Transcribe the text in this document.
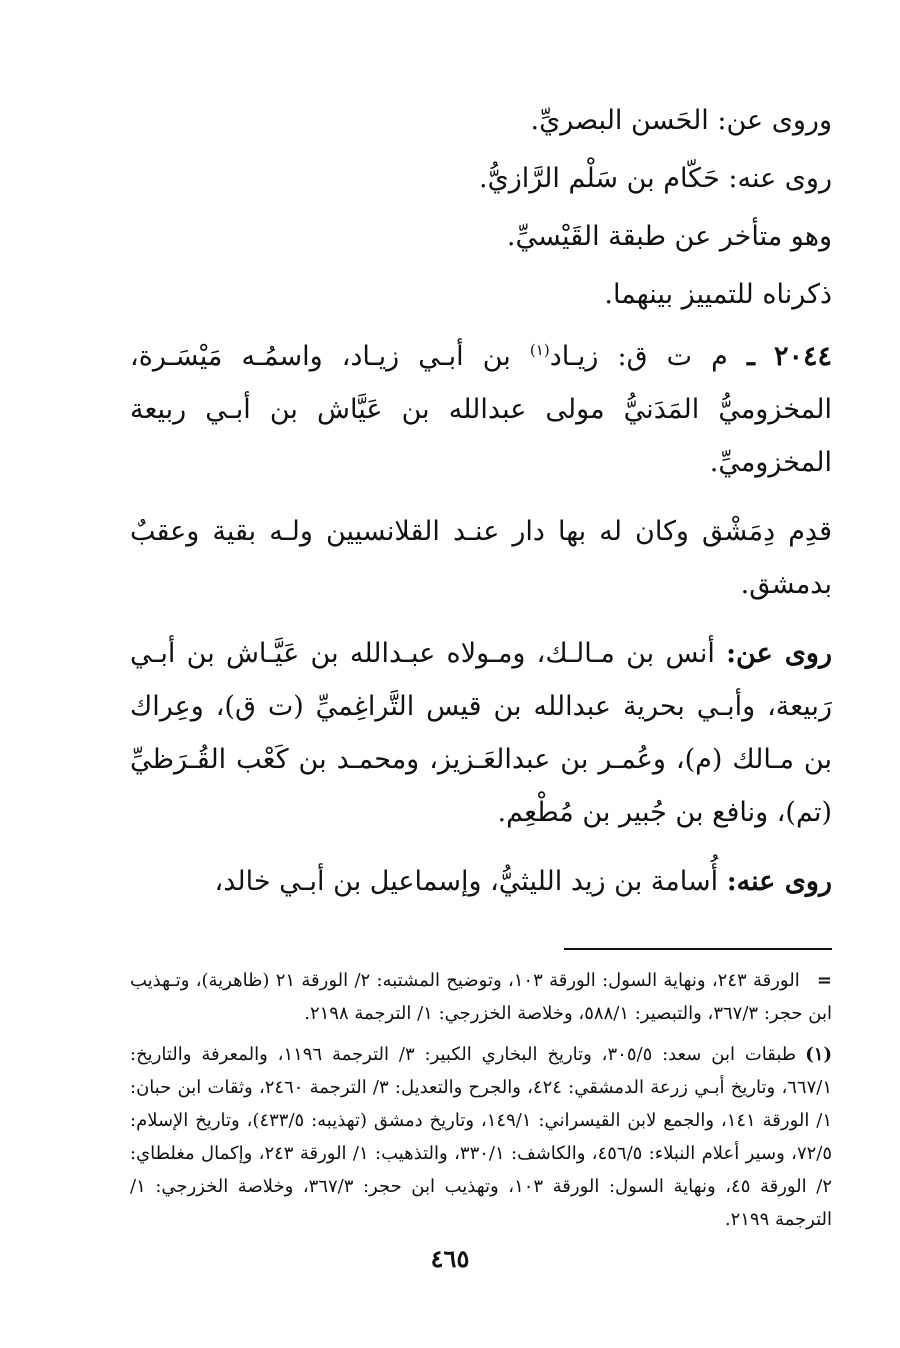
وروى عن: الحَسن البصريِّ.
روى عنه: حَكّام بن سَلْم الرَّازيُّ.
وهو متأخر عن طبقة القَيْسيِّ.
ذكرناه للتمييز بينهما.

٢٠٤٤ ـ م ت ق: زيـاد$^{(١)}$ بن أبـي زيـاد، واسمُـه مَيْسَـرة، المخزوميُّ المَدَنيُّ مولى عبدالله بن عَيَّاش بن أبـي ربيعة المخزوميِّ.

قدِم دِمَشْق وكان له بها دار عنـد القلانسيين ولـه بقية وعقبٌ بدمشق.

روى عن: أنس بن مـالـك، ومـولاه عبـدالله بن عَيَّـاش بن أبـي رَبيعة، وأبـي بحرية عبدالله بن قيس التَّراغِميِّ (ت ق)، وعِراك بن مـالك (م)، وعُمـر بن عبدالعَـزيز، ومحمـد بن كَعْب القُـرَظيِّ (تم)، ونافع بن جُبير بن مُطْعِم.

روى عنه: أُسامة بن زيد الليثيُّ، وإسماعيل بن أبـي خالد،

= الورقة ٢٤٣، ونهاية السول: الورقة ١٠٣، وتوضيح المشتبه: ٢/ الورقة ٢١ (ظاهرية)، وتـهذيب ابن حجر: ٣٦٧/٣، والتبصير: ٥٨٨/١، وخلاصة الخزرجي: ١/ الترجمة ٢١٩٨.

(١) طبقات ابن سعد: ٣٠٥/٥، وتاريخ البخاري الكبير: ٣/ الترجمة ١١٩٦، والمعرفة والتاريخ: ٦٦٧/١، وتاريخ أبـي زرعة الدمشقي: ٤٢٤، والجرح والتعديل: ٣/ الترجمة ٢٤٦٠، وثقات ابن حبان: ١/ الورقة ١٤١، والجمع لابن القيسراني: ١٤٩/١، وتاريخ دمشق (تهذيبه: ٤٣٣/٥)، وتاريخ الإسلام: ٧٢/٥، وسير أعلام النبلاء: ٤٥٦/٥، والكاشف: ٣٣٠/١، والتذهيب: ١/ الورقة ٢٤٣، وإكمال مغلطاي: ٢/ الورقة ٤٥، ونهاية السول: الورقة ١٠٣، وتهذيب ابن حجر: ٣٦٧/٣، وخلاصة الخزرجي: ١/ الترجمة ٢١٩٩.

٤٦٥
